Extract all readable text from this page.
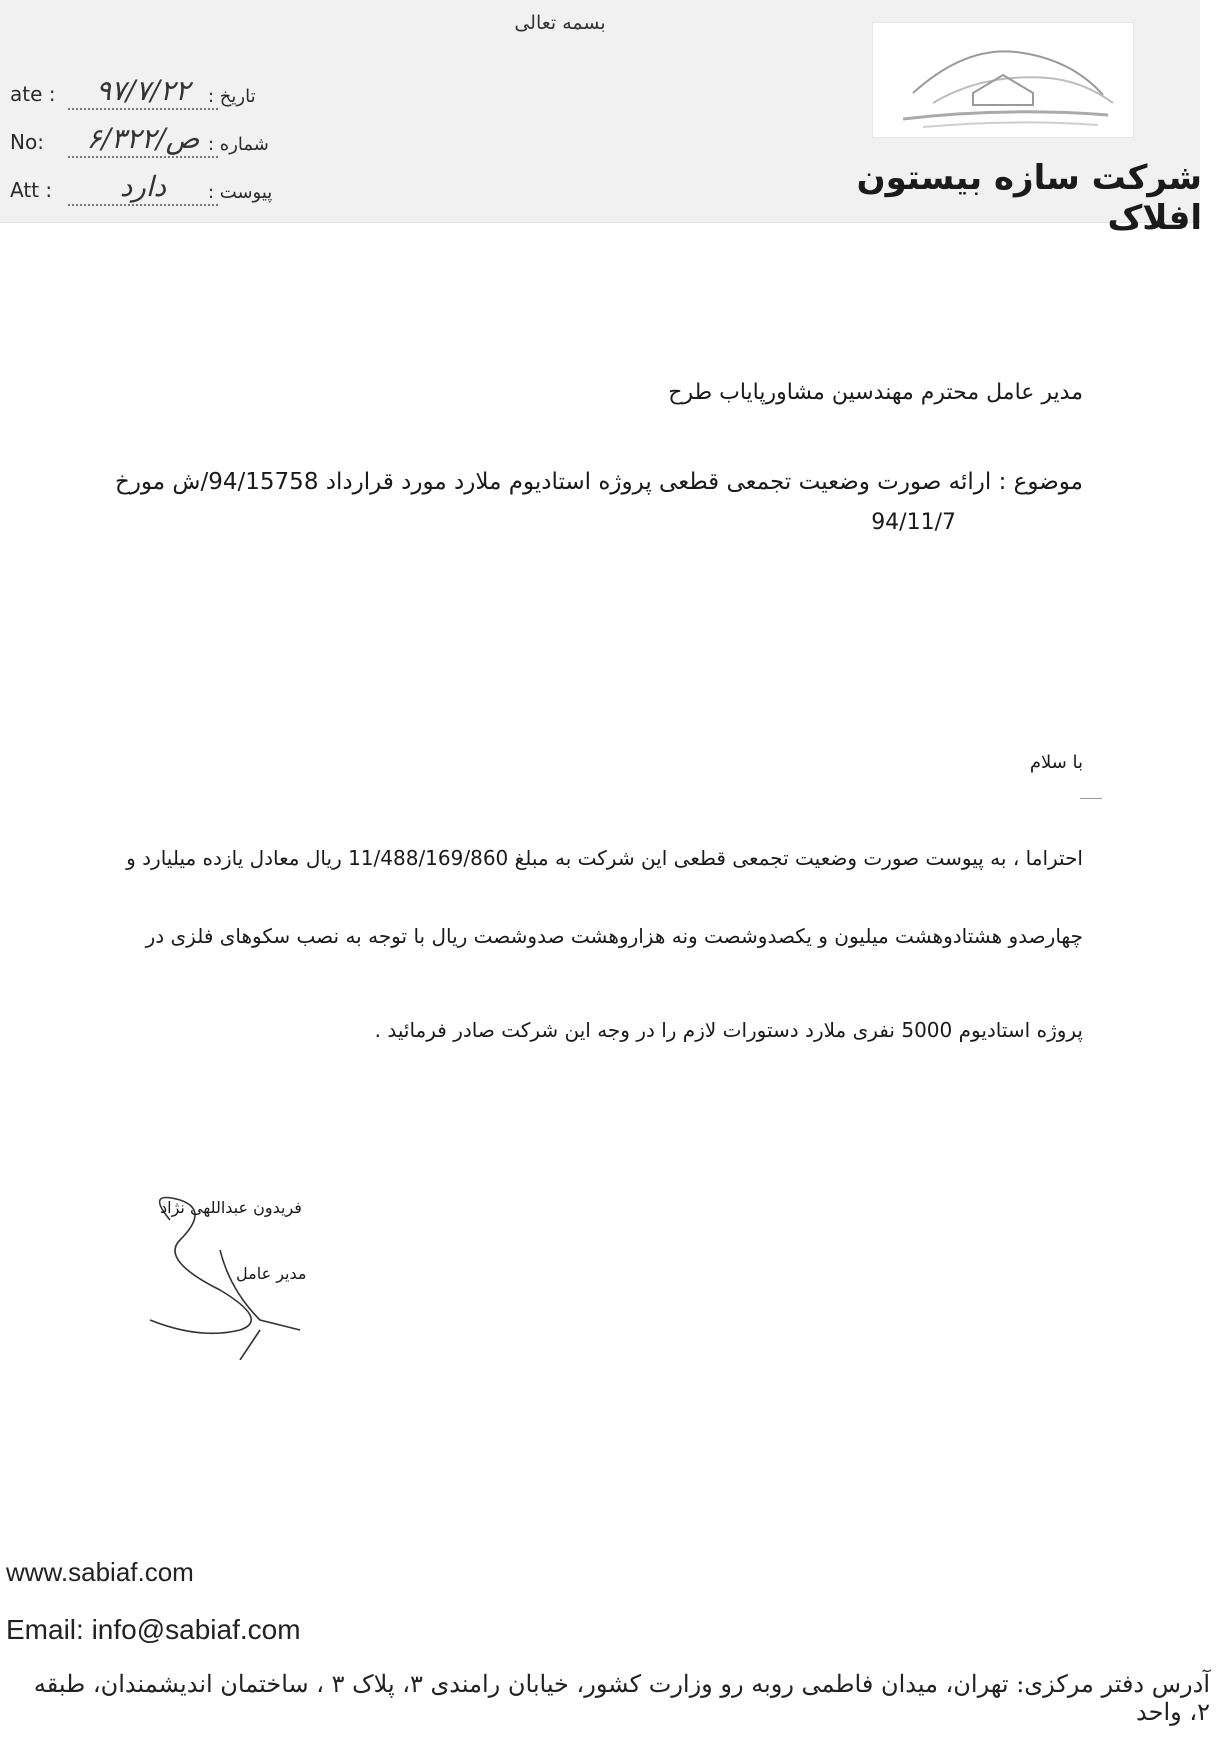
بسمه تعالی
شرکت سازه بیستون افلاک
ate :	۹۷/۷/۲۲ تاریخ :
No:	۶/ص/۳۲۲ شماره :
Att :	دارد	پیوست :
مدیر عامل محترم مهندسین مشاورپایاب طرح
موضوع : ارائه صورت وضعیت تجمعی قطعی پروژه استادیوم ملارد مورد قرارداد 94/15758/ش مورخ
94/11/7
با سلام
احتراما ، به پیوست صورت وضعیت تجمعی قطعی این شرکت به مبلغ 11/488/169/860 ریال معادل یازده میلیارد و
چهارصدو هشتادوهشت میلیون و یکصدوشصت ونه هزاروهشت صدوشصت ریال با توجه به نصب سکوهای فلزی در
پروژه استادیوم 5000 نفری ملارد دستورات لازم را در وجه این شرکت صادر فرمائید .
فریدون عبداللهی نژاد
مدیر عامل
www.sabiaf.com
Email: info@sabiaf.com
آدرس دفتر مرکزی: تهران، میدان فاطمی روبه رو وزارت کشور، خیابان رامندی ۳، پلاک ۳ ، ساختمان اندیشمندان، طبقه ۲، واحد
